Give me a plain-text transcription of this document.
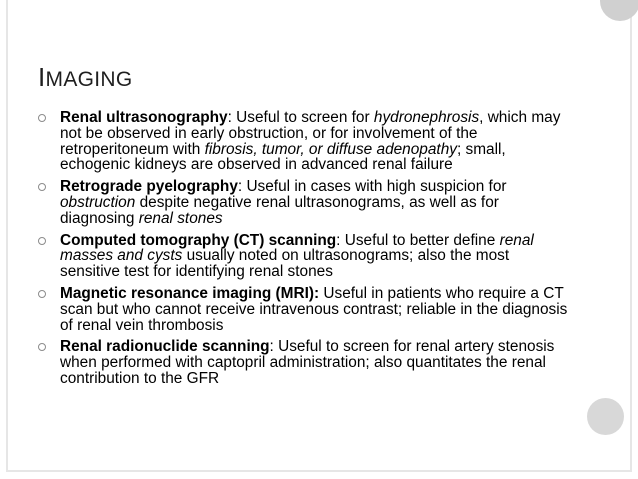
IMAGING
Renal ultrasonography: Useful to screen for hydronephrosis, which may not be observed in early obstruction, or for involvement of the retroperitoneum with fibrosis, tumor, or diffuse adenopathy; small, echogenic kidneys are observed in advanced renal failure
Retrograde pyelography: Useful in cases with high suspicion for obstruction despite negative renal ultrasonograms, as well as for diagnosing renal stones
Computed tomography (CT) scanning: Useful to better define renal masses and cysts usually noted on ultrasonograms; also the most sensitive test for identifying renal stones
Magnetic resonance imaging (MRI): Useful in patients who require a CT scan but who cannot receive intravenous contrast; reliable in the diagnosis of renal vein thrombosis
Renal radionuclide scanning: Useful to screen for renal artery stenosis when performed with captopril administration; also quantitates the renal contribution to the GFR
